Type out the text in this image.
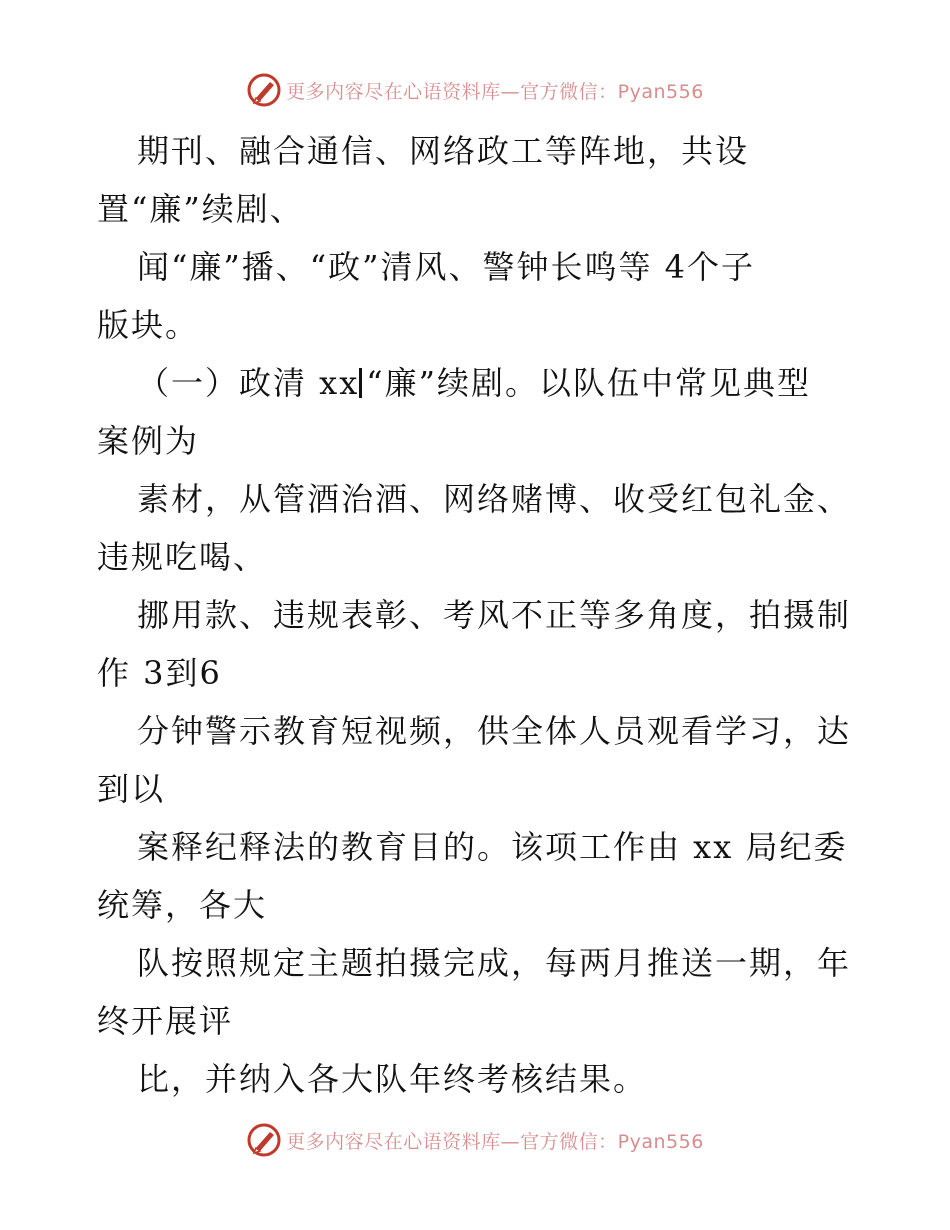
更多内容尽在心语资料库—官方微信：Pyan556
期刊、融合通信、网络政工等阵地，共设
置“廉”续剧、
闻“廉”播、“政”清风、警钟长鸣等 4个子
版块。
（一）政清 xx “廉”续剧。以队伍中常见典型
案例为
素材，从管酒治酒、网络赌博、收受红包礼金、
违规吃喝、
挪用款、违规表彰、考风不正等多角度，拍摄制
作 3到6
分钟警示教育短视频，供全体人员观看学习，达
到以
案释纪释法的教育目的。该项工作由 xx 局纪委
统筹，各大
队按照规定主题拍摄完成，每两月推送一期，年
终开展评
比，并纳入各大队年终考核结果。
更多内容尽在心语资料库—官方微信：Pyan556
